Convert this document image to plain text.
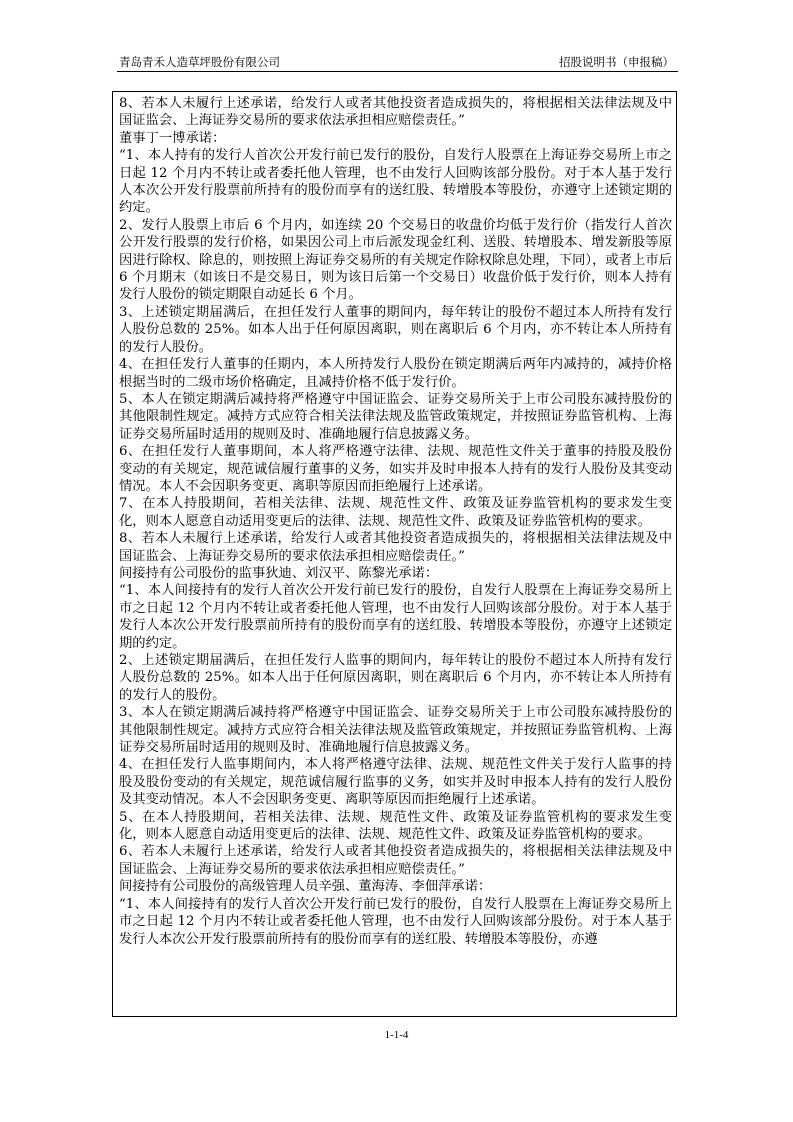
青岛青禾人造草坪股份有限公司	招股说明书（申报稿）
8、若本人未履行上述承诺，给发行人或者其他投资者造成损失的，将根据相关法律法规及中国证监会、上海证券交易所的要求依法承担相应赔偿责任。”
董事丁一博承诺：
“1、本人持有的发行人首次公开发行前已发行的股份，自发行人股票在上海证券交易所上市之日起 12 个月内不转让或者委托他人管理，也不由发行人回购该部分股份。对于本人基于发行人本次公开发行股票前所持有的股份而享有的送红股、转增股本等股份，亦遵守上述锁定期的约定。
2、发行人股票上市后 6 个月内，如连续 20 个交易日的收盘价均低于发行价（指发行人首次公开发行股票的发行价格，如果因公司上市后派发现金红利、送股、转增股本、增发新股等原因进行除权、除息的，则按照上海证券交易所的有关规定作除权除息处理，下同），或者上市后 6 个月期末（如该日不是交易日，则为该日后第一个交易日）收盘价低于发行价，则本人持有发行人股份的锁定期限自动延长 6 个月。
3、上述锁定期届满后，在担任发行人董事的期间内，每年转让的股份不超过本人所持有发行人股份总数的 25%。如本人出于任何原因离职，则在离职后 6 个月内，亦不转让本人所持有的发行人股份。
4、在担任发行人董事的任期内，本人所持发行人股份在锁定期满后两年内减持的，减持价格根据当时的二级市场价格确定，且减持价格不低于发行价。
5、本人在锁定期满后减持将严格遵守中国证监会、证券交易所关于上市公司股东减持股份的其他限制性规定。减持方式应符合相关法律法规及监管政策规定，并按照证券监管机构、上海证券交易所届时适用的规则及时、准确地履行信息披露义务。
6、在担任发行人董事期间，本人将严格遵守法律、法规、规范性文件关于董事的持股及股份变动的有关规定，规范诚信履行董事的义务，如实并及时申报本人持有的发行人股份及其变动情况。本人不会因职务变更、离职等原因而拒绝履行上述承诺。
7、在本人持股期间，若相关法律、法规、规范性文件、政策及证券监管机构的要求发生变化，则本人愿意自动适用变更后的法律、法规、规范性文件、政策及证券监管机构的要求。
8、若本人未履行上述承诺，给发行人或者其他投资者造成损失的，将根据相关法律法规及中国证监会、上海证券交易所的要求依法承担相应赔偿责任。”
间接持有公司股份的监事狄迪、刘汉平、陈黎光承诺：
“1、本人间接持有的发行人首次公开发行前已发行的股份，自发行人股票在上海证券交易所上市之日起 12 个月内不转让或者委托他人管理，也不由发行人回购该部分股份。对于本人基于发行人本次公开发行股票前所持有的股份而享有的送红股、转增股本等股份，亦遵守上述锁定期的约定。
2、上述锁定期届满后，在担任发行人监事的期间内，每年转让的股份不超过本人所持有发行人股份总数的 25%。如本人出于任何原因离职，则在离职后 6 个月内，亦不转让本人所持有的发行人的股份。
3、本人在锁定期满后减持将严格遵守中国证监会、证券交易所关于上市公司股东减持股份的其他限制性规定。减持方式应符合相关法律法规及监管政策规定，并按照证券监管机构、上海证券交易所届时适用的规则及时、准确地履行信息披露义务。
4、在担任发行人监事期间内，本人将严格遵守法律、法规、规范性文件关于发行人监事的持股及股份变动的有关规定，规范诚信履行监事的义务，如实并及时申报本人持有的发行人股份及其变动情况。本人不会因职务变更、离职等原因而拒绝履行上述承诺。
5、在本人持股期间，若相关法律、法规、规范性文件、政策及证券监管机构的要求发生变化，则本人愿意自动适用变更后的法律、法规、规范性文件、政策及证券监管机构的要求。
6、若本人未履行上述承诺，给发行人或者其他投资者造成损失的，将根据相关法律法规及中国证监会、上海证券交易所的要求依法承担相应赔偿责任。”
间接持有公司股份的高级管理人员辛强、董海涛、李佃萍承诺：
“1、本人间接持有的发行人首次公开发行前已发行的股份，自发行人股票在上海证券交易所上市之日起 12 个月内不转让或者委托他人管理，也不由发行人回购该部分股份。对于本人基于发行人本次公开发行股票前所持有的股份而享有的送红股、转增股本等股份，亦遵
1-1-4
